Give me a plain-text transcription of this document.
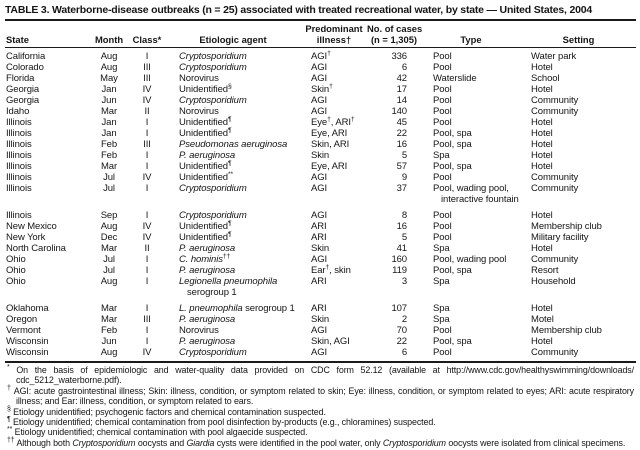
TABLE 3. Waterborne-disease outbreaks (n = 25) associated with treated recreational water, by state — United States, 2004
				Predominant	No. of cases		
State	Month	Class*	Etiologic agent	illness†	(n = 1,305)	Type	Setting
California	Aug	I	Cryptosporidium	AGI†	336	Pool	Water park
Colorado	Aug	III	Cryptosporidium	AGI	6	Pool	Hotel
Florida	May	III	Norovirus	AGI	42	Waterslide	School
Georgia	Jan	IV	Unidentified§	Skin†	17	Pool	Hotel
Georgia	Jun	IV	Cryptosporidium	AGI	14	Pool	Community
Idaho	Mar	II	Norovirus	AGI	140	Pool	Community
Illinois	Jan	I	Unidentified¶	Eye†, ARI†	45	Pool	Hotel
Illinois	Jan	I	Unidentified¶	Eye, ARI	22	Pool, spa	Hotel
Illinois	Feb	III	Pseudomonas aeruginosa	Skin, ARI	16	Pool, spa	Hotel
Illinois	Feb	I	P. aeruginosa	Skin	5	Spa	Hotel
Illinois	Mar	I	Unidentified¶	Eye, ARI	57	Pool, spa	Hotel
Illinois	Jul	IV	Unidentified**	AGI	9	Pool	Community
Illinois	Jul	I	Cryptosporidium	AGI	37	Pool, wading pool, interactive fountain	Community
Illinois	Sep	I	Cryptosporidium	AGI	8	Pool	Hotel
New Mexico	Aug	IV	Unidentified¶	ARI	16	Pool	Membership club
New York	Dec	IV	Unidentified¶	ARI	5	Pool	Military facility
North Carolina	Mar	II	P. aeruginosa	Skin	41	Spa	Hotel
Ohio	Jul	I	C. hominis††	AGI	160	Pool, wading pool	Community
Ohio	Jul	I	P. aeruginosa	Ear†, skin	119	Pool, spa	Resort
Ohio	Aug	I	Legionella pneumophila serogroup 1	ARI	3	Spa	Household
Oklahoma	Mar	I	L. pneumophila serogroup 1	ARI	107	Spa	Hotel
Oregon	Mar	III	P. aeruginosa	Skin	2	Spa	Motel
Vermont	Feb	I	Norovirus	AGI	70	Pool	Membership club
Wisconsin	Jun	I	P. aeruginosa	Skin, AGI	22	Pool, spa	Hotel
Wisconsin	Aug	IV	Cryptosporidium	AGI	6	Pool	Community
* On the basis of epidemiologic and water-quality data provided on CDC form 52.12 (available at http://www.cdc.gov/healthyswimming/downloads/cdc_5212_waterborne.pdf).
† AGI: acute gastrointestinal illness; Skin: illness, condition, or symptom related to skin; Eye: illness, condition, or symptom related to eyes; ARI: acute respiratory illness; and Ear: illness, condition, or symptom related to ears.
§ Etiology unidentified; psychogenic factors and chemical contamination suspected.
¶ Etiology unidentified; chemical contamination from pool disinfection by-products (e.g., chloramines) suspected.
** Etiology unidentified; chemical contamination with pool algaecide suspected.
†† Although both Cryptosporidium oocysts and Giardia cysts were identified in the pool water, only Cryptosporidium oocysts were isolated from clinical specimens.
